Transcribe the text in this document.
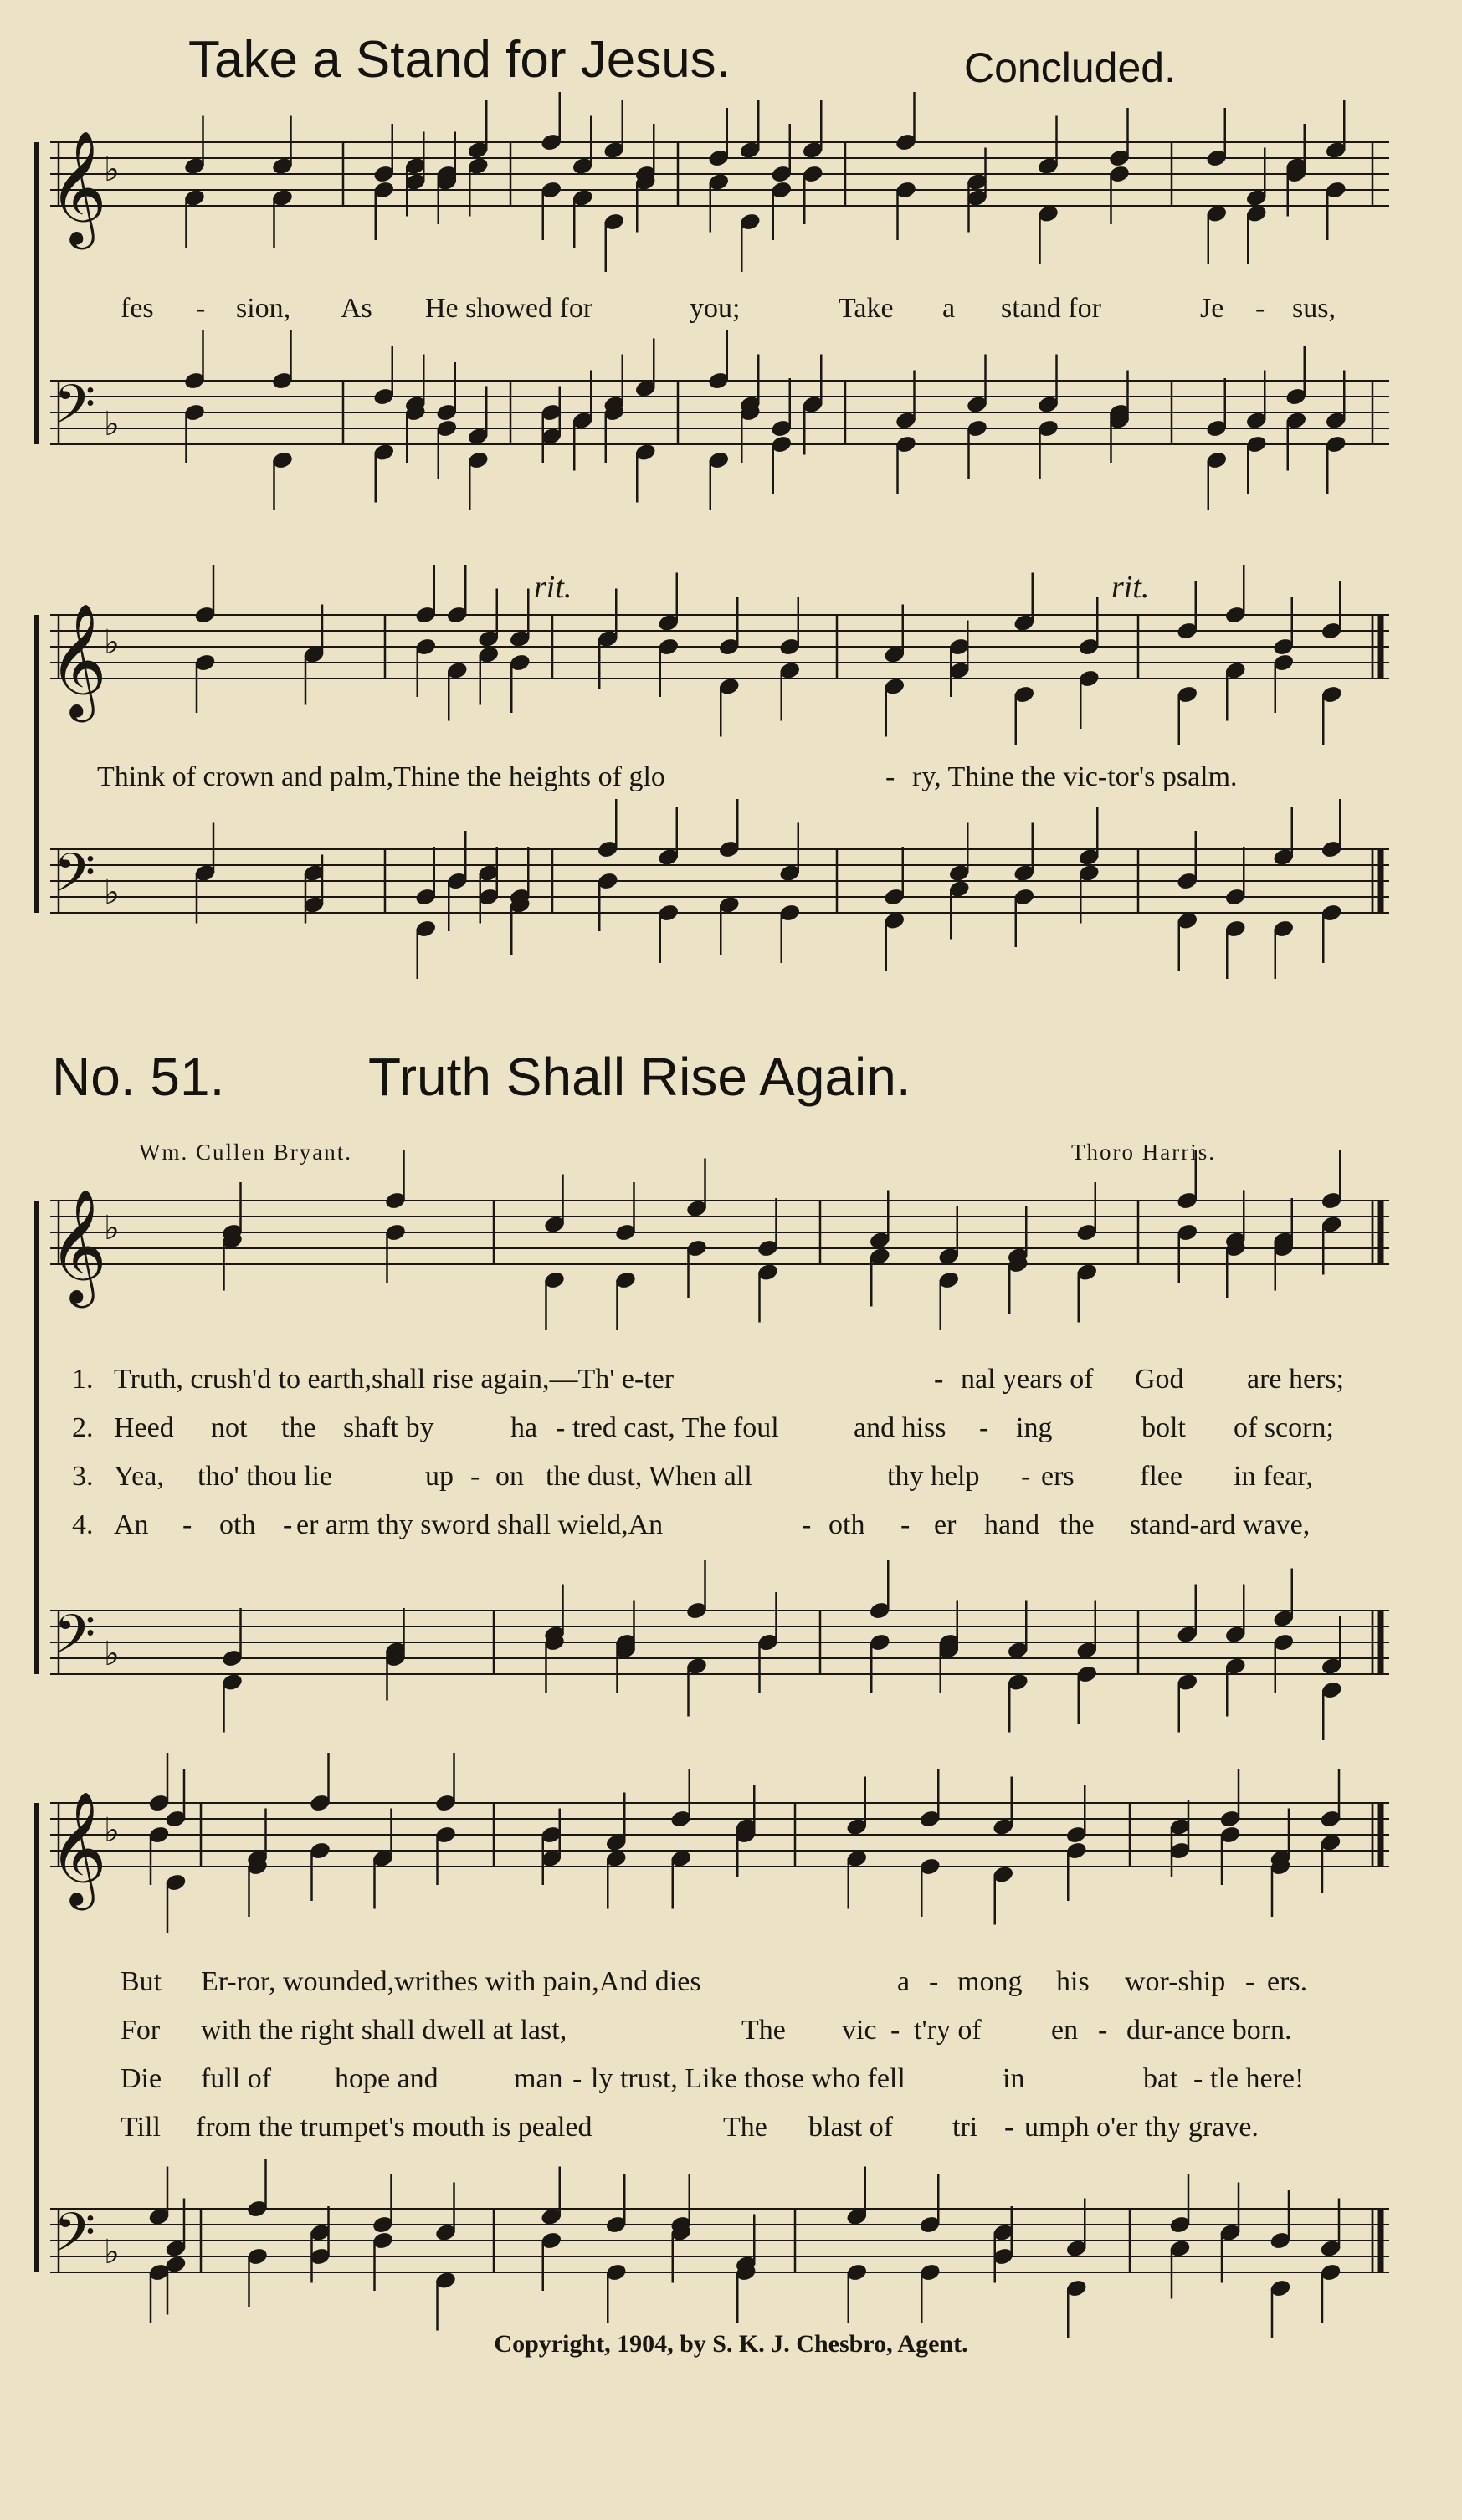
Take a Stand for Jesus.	Concluded.
No. 51.	Truth Shall Rise Again.
Wm. Cullen Bryant.	Thoro Harris.
𝄞
𝄢
♭
♭
𝄞
𝄢
♭
♭
𝄞
𝄢
♭
♭
𝄞
𝄢
♭
♭
fes - sion, As He showed for	you;	Take a stand for	Je - sus,
Think of crown and palm,Thine the heights of glo	- ry, Thine the vic-tor's psalm.
rit.	rit.
1. Truth, crush'd to earth,shall rise again,—Th' e-ter	- nal years of God are hers;
2. Heed not the shaft by	ha - tred cast, The foul	and hiss - ing	bolt of scorn;
3. Yea, tho' thou lie	up - on the dust, When all	thy help - ers flee in fear,
4. An - oth - er arm thy sword shall wield,An	- oth - er hand the stand-ard wave,
But Er-ror, wounded,writhes with pain,And dies	a - mong his wor-ship - ers.
For with the right shall dwell at last,	The vic - t'ry of en - dur-ance born.
Die full of hope and	man - ly trust, Like those who fell	in	bat - tle here!
Till from the trumpet's mouth is pealed	The blast of tri - umph o'er thy grave.
Copyright, 1904, by S. K. J. Chesbro, Agent.
